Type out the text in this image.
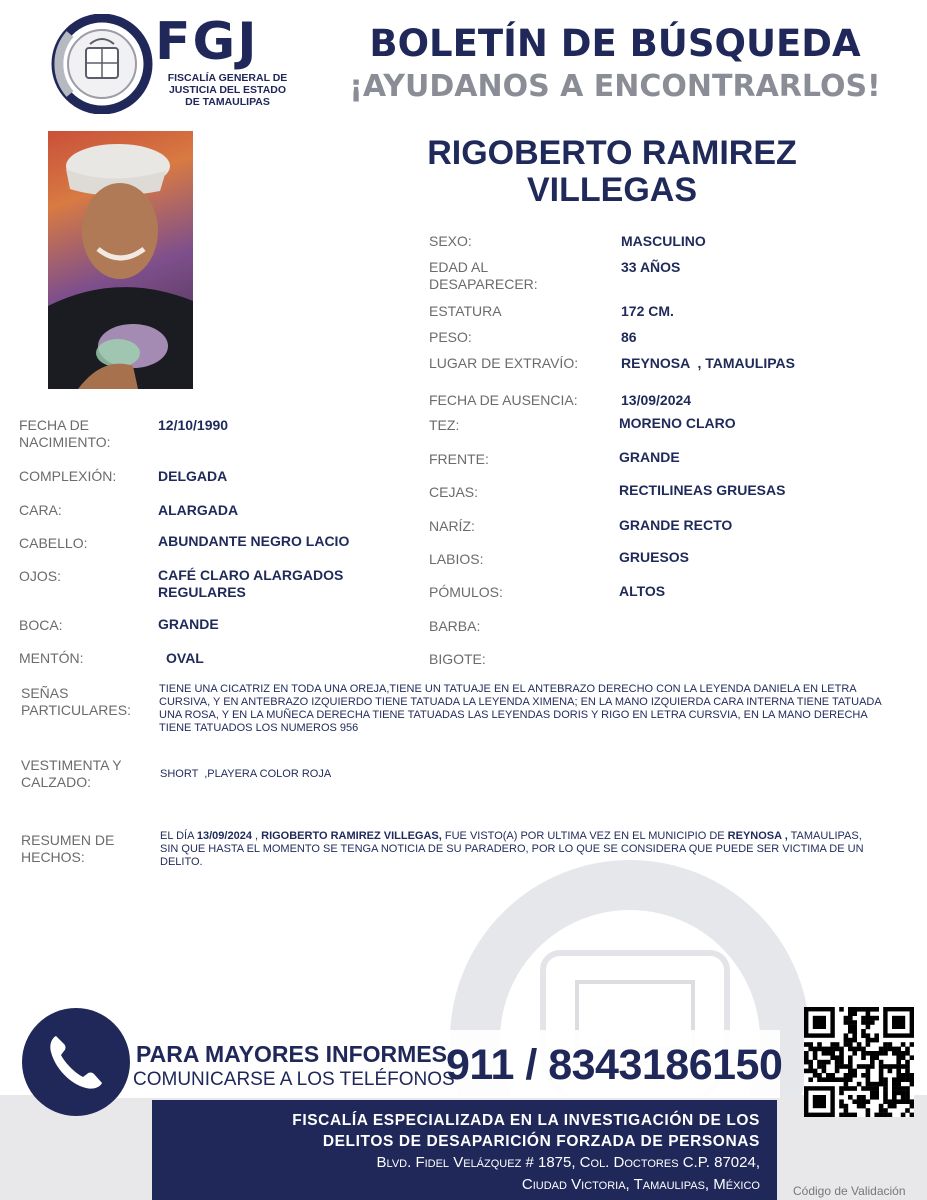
FGJ
FISCALÍA GENERAL DE
JUSTICIA DEL ESTADO
DE TAMAULIPAS
BOLETÍN DE BÚSQUEDA
¡AYUDANOS A ENCONTRARLOS!
RIGOBERTO RAMIREZ
VILLEGAS
SEXO:	MASCULINO
EDAD AL DESAPARECER:
33 AÑOS
ESTATURA	172 CM.
PESO:	86
LUGAR DE EXTRAVÍO:	REYNOSA  , TAMAULIPAS
FECHA DE AUSENCIA:	13/09/2024
TEZ:	MORENO CLARO
FRENTE:	GRANDE
CEJAS:	RECTILINEAS GRUESAS
NARÍZ:	GRANDE RECTO
LABIOS:	GRUESOS
PÓMULOS:	ALTOS
BARBA:
BIGOTE:
FECHA DE NACIMIENTO:
12/10/1990
COMPLEXIÓN:	DELGADA
CARA:	ALARGADA
CABELLO:	ABUNDANTE NEGRO LACIO
OJOS:	CAFÉ CLARO ALARGADOS REGULARES
BOCA:	GRANDE
MENTÓN:	OVAL
SEÑAS PARTICULARES:
TIENE UNA CICATRIZ EN TODA UNA OREJA,TIENE UN TATUAJE EN EL ANTEBRAZO DERECHO CON LA LEYENDA DANIELA EN LETRA CURSIVA, Y EN ANTEBRAZO IZQUIERDO TIENE TATUADA LA LEYENDA XIMENA; EN LA MANO IZQUIERDA CARA INTERNA TIENE TATUADA UNA ROSA, Y EN LA MUÑECA DERECHA TIENE TATUADAS LAS LEYENDAS DORIS Y RIGO EN LETRA CURSVIA, EN LA MANO DERECHA TIENE TATUADOS LOS NUMEROS 956
VESTIMENTA Y CALZADO:	SHORT  ,PLAYERA COLOR ROJA
RESUMEN DE HECHOS:
EL DÍA 13/09/2024 , RIGOBERTO RAMIREZ VILLEGAS, FUE VISTO(A) POR ULTIMA VEZ EN EL MUNICIPIO DE REYNOSA , TAMAULIPAS, SIN QUE HASTA EL MOMENTO SE TENGA NOTICIA DE SU PARADERO, POR LO QUE SE CONSIDERA QUE PUEDE SER VICTIMA DE UN DELITO.
PARA MAYORES INFORMES,
COMUNICARSE A LOS TELÉFONOS
911 / 8343186150
FISCALÍA ESPECIALIZADA EN LA INVESTIGACIÓN DE LOS
DELITOS DE DESAPARICIÓN FORZADA DE PERSONAS
Blvd. Fidel Velázquez # 1875, Col. Doctores C.P. 87024,
Ciudad Victoria, Tamaulipas, México	Código de Validación
